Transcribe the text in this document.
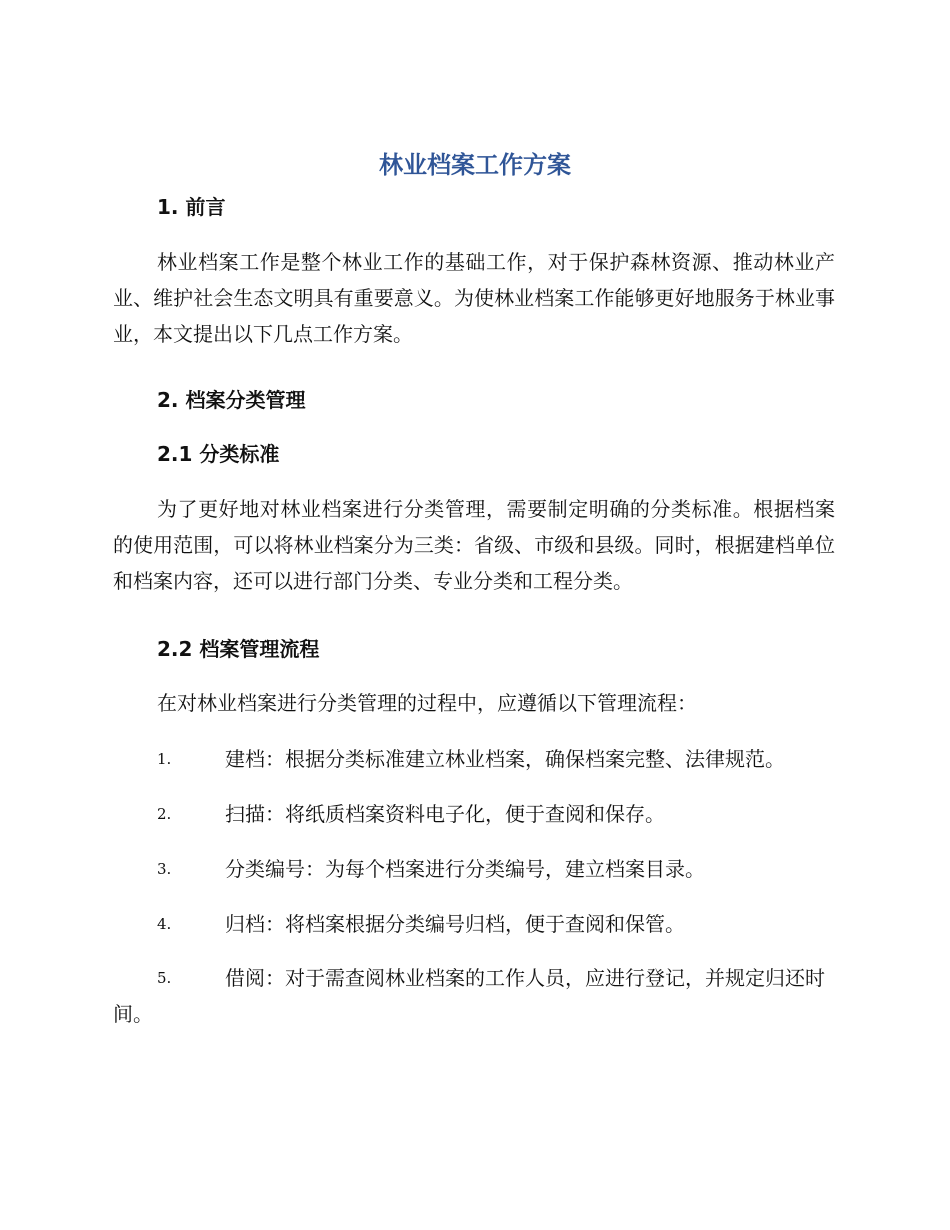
林业档案工作方案
1. 前言

林业档案工作是整个林业工作的基础工作，对于保护森林资源、推动林业产业、维护社会生态文明具有重要意义。为使林业档案工作能够更好地服务于林业事业，本文提出以下几点工作方案。

2. 档案分类管理
2.1 分类标准

为了更好地对林业档案进行分类管理，需要制定明确的分类标准。根据档案的使用范围，可以将林业档案分为三类：省级、市级和县级。同时，根据建档单位和档案内容，还可以进行部门分类、专业分类和工程分类。

2.2 档案管理流程
在对林业档案进行分类管理的过程中，应遵循以下管理流程：
1.	建档：根据分类标准建立林业档案，确保档案完整、法律规范。
2.	扫描：将纸质档案资料电子化，便于查阅和保存。
3.	分类编号：为每个档案进行分类编号，建立档案目录。
4.	归档：将档案根据分类编号归档，便于查阅和保管。
5.	借阅：对于需查阅林业档案的工作人员，应进行登记，并规定归还时间。
